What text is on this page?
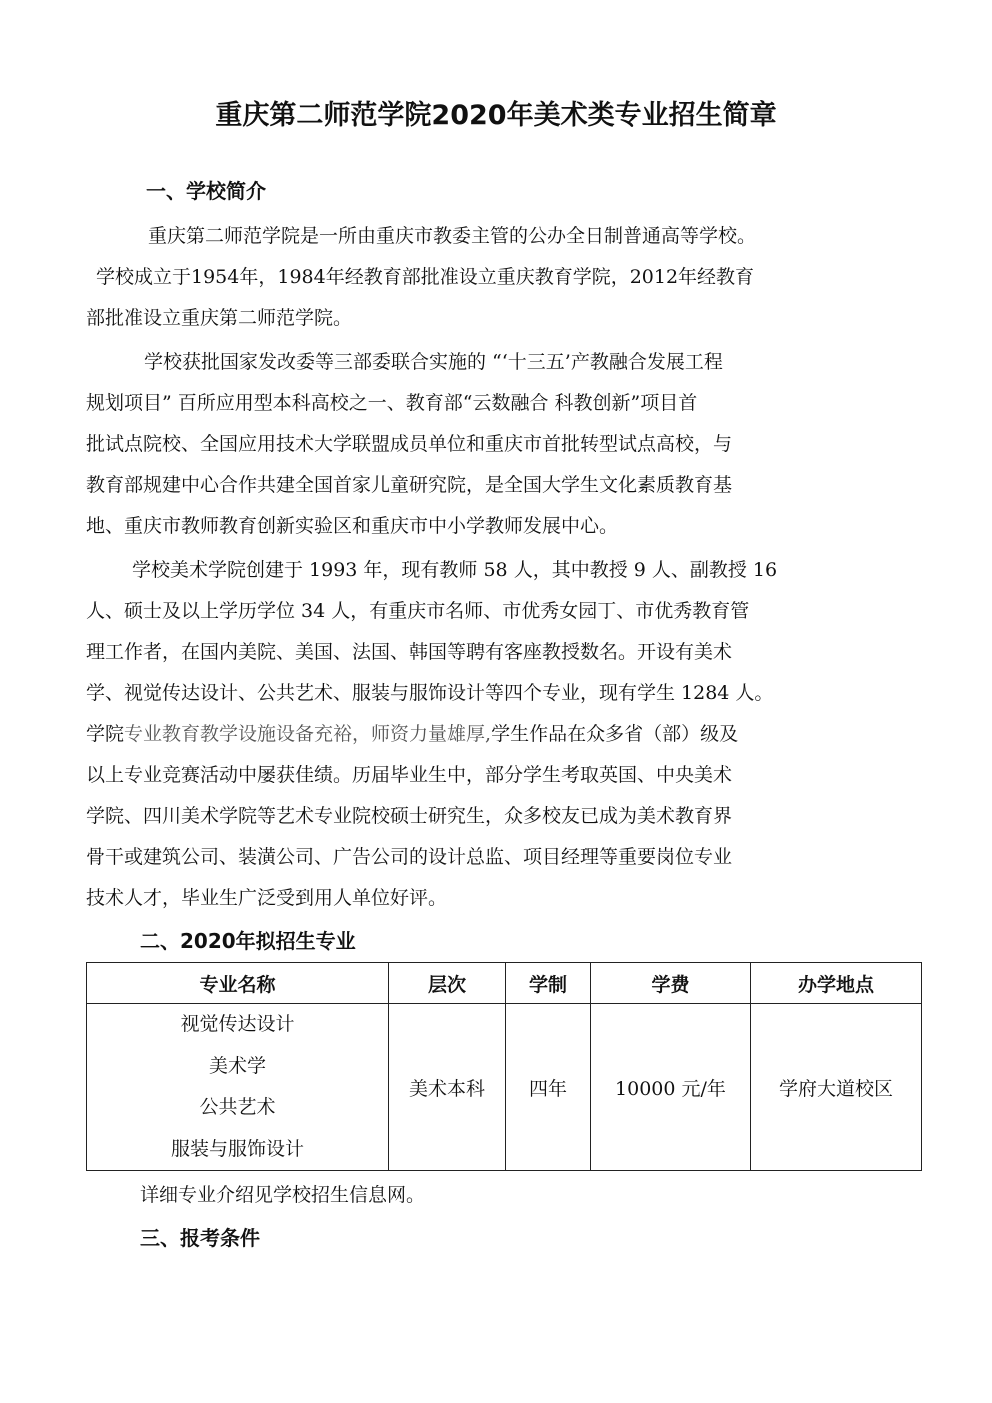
重庆第二师范学院2020年美术类专业招生简章
一、学校简介
重庆第二师范学院是一所由重庆市教委主管的公办全日制普通高等学校。
学校成立于1954年，1984年经教育部批准设立重庆教育学院，2012年经教育
部批准设立重庆第二师范学院。
学校获批国家发改委等三部委联合实施的 “‘十三五’产教融合发展工程
规划项目” 百所应用型本科高校之一、教育部“云数融合 科教创新”项目首
批试点院校、全国应用技术大学联盟成员单位和重庆市首批转型试点高校，与
教育部规建中心合作共建全国首家儿童研究院，是全国大学生文化素质教育基
地、重庆市教师教育创新实验区和重庆市中小学教师发展中心。
学校美术学院创建于 1993 年，现有教师 58 人，其中教授 9 人、副教授 16
人、硕士及以上学历学位 34 人，有重庆市名师、市优秀女园丁、市优秀教育管
理工作者，在国内美院、美国、法国、韩国等聘有客座教授数名。开设有美术
学、视觉传达设计、公共艺术、服装与服饰设计等四个专业，现有学生 1284 人。
学院专业教育教学设施设备充裕，师资力量雄厚,学生作品在众多省（部）级及
以上专业竞赛活动中屡获佳绩。历届毕业生中，部分学生考取英国、中央美术
学院、四川美术学院等艺术专业院校硕士研究生，众多校友已成为美术教育界
骨干或建筑公司、装潢公司、广告公司的设计总监、项目经理等重要岗位专业
技术人才，毕业生广泛受到用人单位好评。
二、2020年拟招生专业
专业名称	层次	学制	学费	办学地点

视觉传达设计
美术学
公共艺术
服装与服饰设计	美术本科	四年	10000 元/年	学府大道校区
详细专业介绍见学校招生信息网。
三、报考条件
